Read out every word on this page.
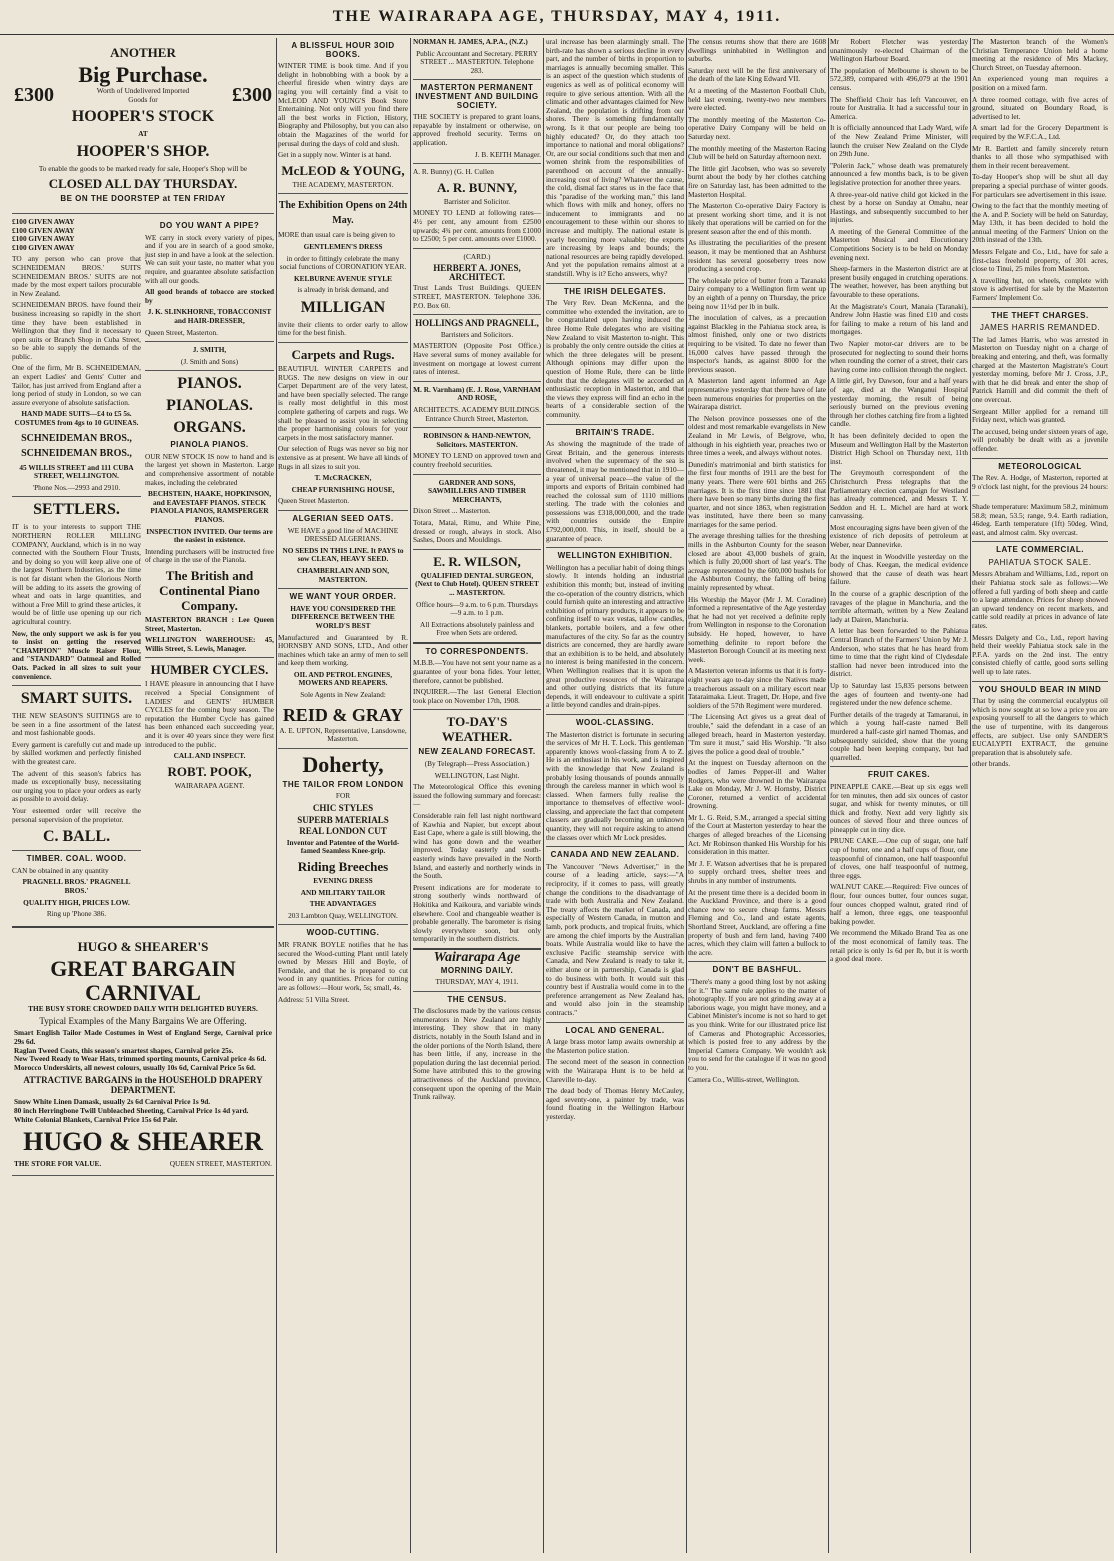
THE WAIRARAPA AGE, THURSDAY, MAY 4, 1911.
ANOTHER
Big Purchase.
£300	Worth of Undelivered Imported Goods for	£300
HOOPER'S STOCK
AT
HOOPER'S SHOP.

To enable the goods to be marked ready for sale, Hooper's Shop will be

CLOSED ALL DAY THURSDAY.
BE ON THE DOORSTEP at TEN FRIDAY

£100 GIVEN AWAY
£100 GIVEN AWAY
£100 GIVEN AWAY
£100 GIVEN AWAY

TO any person who can prove that SCHNEIDEMAN BROS.' SUITS SCHNEIDEMAN BROS.' SUITS are not made by the most expert tailors procurable in New Zealand.

SCHNEIDEMAN BROS. have found their business increasing so rapidly in the short time they have been established in Wellington that they find it necessary to open suits or Branch Shop in Cuba Street, so be able to supply the demands of the public.

One of the firm, Mr B. SCHNEIDEMAN, an expert Ladies' and Gents' Cutter and Tailor, has just arrived from England after a long period of study in London, so we can assure everyone of absolute satisfaction.

HAND MADE SUITS—£4 to £5 5s. COSTUMES from 4gs to 10 GUINEAS.

SCHNEIDEMAN BROS., SCHNEIDEMAN BROS.,

45 WILLIS STREET and 111 CUBA STREET, WELLINGTON.

'Phone Nos.—2993 and 2910.

SETTLERS.

IT is to your interests to support THE NORTHERN ROLLER MILLING COMPANY, Auckland, which is in no way connected with the Southern Flour Trusts, and by doing so you will keep alive one of the largest Northern Industries, as the time is not far distant when the Glorious North will be adding to its assets the growing of wheat and oats in large quantities, and without a Free Mill to grind these articles, it would be of little use opening up our rich agricultural country.

Now, the only support we ask is for you to insist on getting the reserved "CHAMPION" Muscle Raiser Flour, and "STANDARD" Oatmeal and Rolled Oats. Packed in all sizes to suit your convenience.

SMART SUITS.

THE NEW SEASON'S SUITINGS are to be seen in a fine assortment of the latest and most fashionable goods.

Every garment is carefully cut and made up by skilled workmen and perfectly finished with the greatest care.

The advent of this season's fabrics has made us exceptionally busy, necessitating our urging you to place your orders as early as possible to avoid delay.

Your esteemed order will receive the personal supervision of the proprietor.

C. BALL.
TIMBER. COAL. WOOD.

CAN be obtained in any quantity

PRAGNELL BROS.' PRAGNELL BROS.'

QUALITY HIGH, PRICES LOW.

Ring up 'Phone 386.

DO YOU WANT A PIPE?

WE carry in stock every variety of pipes, and if you are in search of a good smoke, just step in and have a look at the selection. We can suit your taste, no matter what you require, and guarantee absolute satisfaction with all our goods.

All good brands of tobacco are stocked by

J. K. SLINKHORNE, TOBACCONIST and HAIR-DRESSER,

Queen Street, Masterton.

J. SMITH,

(J. Smith and Sons)

PIANOS.
PIANOLAS.
ORGANS.
PIANOLA PIANOS.

OUR NEW STOCK IS now to hand and is the largest yet shown in Masterton. Large and comprehensive assortment of notable makes, including the celebrated

BECHSTEIN, HAAKE, HOPKINSON, and EAVESTAFF PIANOS. STECK PIANOLA PIANOS, RAMSPERGER PIANOS.

INSPECTION INVITED. Our terms are the easiest in existence.

Intending purchasers will be instructed free of charge in the use of the Pianola.

The British and Continental Piano Company.

MASTERTON BRANCH : Lee Queen Street, Masterton.

WELLINGTON WAREHOUSE: 45, Willis Street, S. Lewis, Manager.

HUMBER CYCLES.

I HAVE pleasure in announcing that I have received a Special Consignment of LADIES' and GENTS' HUMBER CYCLES for the coming busy season. The reputation the Humber Cycle has gained has been enhanced each succeeding year, and it is over 40 years since they were first introduced to the public.

CALL AND INSPECT.

ROBT. POOK,

WAIRARAPA AGENT.

HUGO & SHEARER'S
GREAT BARGAIN CARNIVAL

THE BUSY STORE CROWDED DAILY WITH DELIGHTED BUYERS.

Typical Examples of the Many Bargains We are Offering.

Smart English Tailor Made Costumes in West of England Serge, Carnival price 29s 6d.
Raglan Tweed Coats, this season's smartest shapes, Carnival price 25s.
New Tweed Ready to Wear Hats, trimmed sporting mounts, Carnival price 4s 6d.
Morocco Underskirts, all newest colours, usually 10s 6d, Carnival Price 5s 6d.

ATTRACTIVE BARGAINS in the HOUSEHOLD DRAPERY DEPARTMENT.

Snow White Linen Damask, usually 2s 6d Carnival Price 1s 9d.
80 inch Herringbone Twill Unbleached Sheeting, Carnival Price 1s 4d yard.
White Colonial Blankets, Carnival Price 15s 6d Pair.

HUGO & SHEARER
THE STORE FOR VALUE.	QUEEN STREET, MASTERTON.
A BLISSFUL HOUR 3OID BOOKS.

WINTER TIME is book time. And if you delight in hobnobbing with a book by a cheerful fireside when wintry days are raging you will certainly find a visit to McLEOD AND YOUNG'S Book Store Entertaining. Not only will you find there all the best works in Fiction, History, Biography and Philosophy, but you can also obtain the Magazines of the world for perusal during the days of cold and slush.

Get in a supply now. Winter is at hand.

McLEOD & YOUNG,

THE ACADEMY, MASTERTON.

The Exhibition Opens on 24th May.

MORE than usual care is being given to

GENTLEMEN'S DRESS

in order to fittingly celebrate the many social functions of CORONATION YEAR.

KELBURNE AVENUE STYLE

is already in brisk demand, and

MILLIGAN

invite their clients to order early to allow time for the best finish.

Carpets and Rugs.

BEAUTIFUL WINTER CARPETS and RUGS. The new designs on view in our Carpet Department are of the very latest, and have been specially selected. The range is really most delightful in this most complete gathering of carpets and rugs. We shall be pleased to assist you in selecting the proper harmonising colours for your carpets in the most satisfactory manner.

Our selection of Rugs was never so big nor extensive as at present. We have all kinds of Rugs in all sizes to suit you.

T. McCRACKEN,

CHEAP FURNISHING HOUSE,

Queen Street Masterton.

ALGERIAN SEED OATS.

WE HAVE a good line of MACHINE DRESSED ALGERIANS.

NO SEEDS IN THIS LINE. It PAYS to sow CLEAN, HEAVY SEED.

CHAMBERLAIN AND SON, MASTERTON.

WE WANT YOUR ORDER.

HAVE YOU CONSIDERED THE DIFFERENCE BETWEEN THE WORLD'S BEST

Manufactured and Guaranteed by R. HORNSBY AND SONS, LTD., And other machines which take an army of men to sell and keep them working.

OIL AND PETROL ENGINES, MOWERS AND REAPERS.

Sole Agents in New Zealand:

REID & GRAY

A. E. UPTON, Representative, Lansdowne, Masterton.

Doherty,
THE TAILOR FROM LONDON

FOR

CHIC STYLES

SUPERB MATERIALS

REAL LONDON CUT

Inventor and Patentee of the World-famed Seamless Knee-grip.

Riding Breeches

EVENING DRESS

AND MILITARY TAILOR

THE ADVANTAGES

203 Lambton Quay, WELLINGTON.

WOOD-CUTTING.

MR FRANK BOYLE notifies that he has secured the Wood-cutting Plant until lately owned by Messrs Hill and Boyle, of Ferndale, and that he is prepared to cut wood in any quantities. Prices for cutting are as follows:—Hour work, 5s; small, 4s.

Address: 51 Villa Street.

NORMAN H. JAMES, A.P.A., (N.Z.)

Public Accountant and Secretary. PERRY STREET ... MASTERTON. Telephone 283.

MASTERTON PERMANENT INVESTMENT AND BUILDING SOCIETY.

THE SOCIETY is prepared to grant loans, repayable by instalment or otherwise, on approved freehold security. Terms on application.

J. B. KEITH Manager.

A. R. Bunny) (G. H. Cullen

A. R. BUNNY,

Barrister and Solicitor.

MONEY TO LEND at following rates—4½ per cent, any amount from £2500 upwards; 4¾ per cent. amounts from £1000 to £2500; 5 per cent. amounts over £1000.

(CARD.)

HERBERT A. JONES, ARCHITECT.

Trust Lands Trust Buildings. QUEEN STREET, MASTERTON. Telephone 336. P.O. Box 60.

HOLLINGS AND PRAGNELL,

Barristers and Solicitors.

MASTERTON (Opposite Post Office.) Have several sums of money available for investment on mortgage at lowest current rates of interest.

M. R. Varnham) (E. J. Rose, VARNHAM AND ROSE,

ARCHITECTS. ACADEMY BUILDINGS. Entrance Church Street, Masterton.

ROBINSON & HAND-NEWTON, Solicitors. MASTERTON.

MONEY TO LEND on approved town and country freehold securities.

GARDNER AND SONS, SAWMILLERS AND TIMBER MERCHANTS,

Dixon Street ... Masterton.

Totara, Matai, Rimu, and White Pine, dressed or rough, always in stock. Also Sashes, Doors and Mouldings.

E. R. WILSON,

QUALIFIED DENTAL SURGEON, (Next to Club Hotel). QUEEN STREET ... MASTERTON.

Office hours—9 a.m. to 6 p.m. Thursdays—9 a.m. to 1 p.m.

All Extractions absolutely painless and Free when Sets are ordered.

TO CORRESPONDENTS.

M.B.B.—You have not sent your name as a guarantee of your bona fides. Your letter, therefore, cannot be published.

INQUIRER.—The last General Election took place on November 17th, 1908.

TO-DAY'S WEATHER.
NEW ZEALAND FORECAST.

(By Telegraph—Press Association.)

WELLINGTON, Last Night.

The Meteorological Office this evening issued the following summary and forecast:—

Considerable rain fell last night northward of Kawhia and Napier, but except about East Cape, where a gale is still blowing, the wind has gone down and the weather improved. Today easterly and south-easterly winds have prevailed in the North Island, and easterly and northerly winds in the South.

Present indications are for moderate to strong southerly winds northward of Hokitika and Kaikoura, and variable winds elsewhere. Cool and changeable weather is probable generally. The barometer is rising slowly everywhere soon, but only temporarily in the southern districts.

Wairarapa Age
MORNING DAILY.

THURSDAY, MAY 4, 1911.

THE CENSUS.

The disclosures made by the various census enumerators in New Zealand are highly interesting. They show that in many districts, notably in the South Island and in the older portions of the North Island, there has been little, if any, increase in the population during the last decennial period. Some have attributed this to the growing attractiveness of the Auckland province, consequent upon the opening of the Main Trunk railway.

ural increase has been alarmingly small. The birth-rate has shown a serious decline in every part, and the number of births in proportion to marriages is annually becoming smaller. This is an aspect of the question which students of eugenics as well as of political economy will require to give serious attention. With all the climatic and other advantages claimed for New Zealand, the population is drifting from our shores. There is something fundamentally wrong. Is it that our people are being too highly educated? Or, do they attach too importance to national and moral obligations? Or, are our social conditions such that men and women shrink from the responsibilities of parenthood on account of the annually-increasing cost of living? Whatever the cause, the cold, dismal fact stares us in the face that this "paradise of the working man," this land which flows with milk and honey, offers no inducement to immigrants and no encouragement to these within our shores to increase and multiply. The national estate is yearly becoming more valuable; the exports are increasing by leaps and bounds; the national resources are being rapidly developed. And yet the population remains almost at a standstill. Why is it? Echo answers, why?

THE IRISH DELEGATES.

The Very Rev. Dean McKenna, and the committee who extended the invitation, are to be congratulated upon having induced the three Home Rule delegates who are visiting New Zealand to visit Masterton to-night. This is probably the only centre outside the cities at which the three delegates will be present. Although opinions may differ upon the question of Home Rule, there can be little doubt that the delegates will be accorded an enthusiastic reception in Masterton, and that the views they express will find an echo in the hearts of a considerable section of the community.

BRITAIN'S TRADE.

As showing the magnitude of the trade of Great Britain, and the generous interests involved when the supremacy of the sea is threatened, it may be mentioned that in 1910—a year of universal peace—the value of the imports and exports of Britain combined had reached the colossal sum of 1110 millions sterling. The trade with the colonies and possessions was £318,000,000, and the trade with countries outside the Empire £792,000,000. This, in itself, should be a guarantee of peace.

WELLINGTON EXHIBITION.

Wellington has a peculiar habit of doing things slowly. It intends holding an industrial exhibition this month; but, instead of inviting the co-operation of the country districts, which could furnish quite an interesting and attractive exhibition of primary products, it appears to be confining itself to wax vestas, tallow candles, blankets, portable boilers, and a few other manufactures of the city. So far as the country districts are concerned, they are hardly aware that an exhibition is to be held, and absolutely no interest is being manifested in the concern. When Wellington realises that it is upon the great productive resources of the Wairarapa and other outlying districts that its future depends, it will endeavour to cultivate a spirit a little beyond candles and drain-pipes.

WOOL-CLASSING.

The Masterton district is fortunate in securing the services of Mr H. T. Lock. This gentleman apparently knows wool-classing from A to Z. He is an enthusiast in his work, and is inspired with the knowledge that New Zealand is probably losing thousands of pounds annually through the careless manner in which wool is classed. When farmers fully realise the importance to themselves of effective wool-classing, and appreciate the fact that competent classers are gradually becoming an unknown quantity, they will not require asking to attend the classes over which Mr Lock presides.

CANADA AND NEW ZEALAND.

The Vancouver "News Advertiser," in the course of a leading article, says:—"A reciprocity, if it comes to pass, will greatly change the conditions to the disadvantage of trade with both Australia and New Zealand. The treaty affects the market of Canada, and especially of Western Canada, in mutton and lamb, pork products, and tropical fruits, which are among the chief imports by the Australian boats. While Australia would like to have the exclusive Pacific steamship service with Canada, and New Zealand is ready to take it, either alone or in partnership, Canada is glad to do business with both. It would suit this country best if Australia would come in to the preference arrangement as New Zealand has, and would also join in the steamship contracts."

LOCAL AND GENERAL.

A large brass motor lamp awaits ownership at the Masterton police station.

The second meet of the season in connection with the Wairarapa Hunt is to be held at Clareville to-day.

The dead body of Thomas Henry McCauley, aged seventy-one, a painter by trade, was found floating in the Wellington Harbour yesterday.

The census returns show that there are 1608 dwellings uninhabited in Wellington and suburbs.

Saturday next will be the first anniversary of the death of the late King Edward VII.

At a meeting of the Masterton Football Club, held last evening, twenty-two new members were elected.

The monthly meeting of the Masterton Co-operative Dairy Company will be held on Saturday next.

The monthly meeting of the Masterton Racing Club will be held on Saturday afternoon next.

The little girl Jacobsen, who was so severely burnt about the body by her clothes catching fire on Saturday last, has been admitted to the Masterton Hospital.

The Masterton Co-operative Dairy Factory is at present working short time, and it is not likely that operations will be carried on for the present season after the end of this month.

As illustrating the peculiarities of the present season, it may be mentioned that an Ashhurst resident has several gooseberry trees now producing a second crop.

The wholesale price of butter from a Taranaki Dairy company to a Wellington firm went up by an eighth of a penny on Thursday, the price being now 11½d per lb in bulk.

The inoculation of calves, as a precaution against Blackleg in the Pahiatua stock area, is almost finished, only one or two districts requiring to be visited. To date no fewer than 16,000 calves have passed through the inspector's hands, as against 8000 for the previous season.

A Masterton land agent informed an Age representative yesterday that there have of late been numerous enquiries for properties on the Wairarapa district.

The Nelson province possesses one of the oldest and most remarkable evangelists in New Zealand in Mr Lewis, of Belgrove, who, although in his eightieth year, preaches two or three times a week, and always without notes.

Dunedin's matrimonial and birth statistics for the first four months of 1911 are the best for many years. There were 601 births and 265 marriages. It is the first time since 1881 that there have been so many births during the first quarter, and not since 1863, when registration was instituted, have there been so many marriages for the same period.

The average threshing tallies for the threshing mills in the Ashburton County for the season closed are about 43,000 bushels of grain, which is fully 20,000 short of last year's. The acreage represented by the 600,000 bushels for the Ashburton County, the falling off being mainly represented by wheat.

His Worship the Mayor (Mr J. M. Coradine) informed a representative of the Age yesterday that he had not yet received a definite reply from Wellington in response to the Coronation subsidy. He hoped, however, to have something definite to report before the Masterton Borough Council at its meeting next week.

A Masterton veteran informs us that it is forty-eight years ago to-day since the Natives made a treacherous assault on a military escort near Tataraimaka. Lieut. Tragett, Dr. Hope, and five soldiers of the 57th Regiment were murdered.

"The Licensing Act gives us a great deal of trouble," said the defendant in a case of an alleged breach, heard in Masterton yesterday. "I'm sure it must," said His Worship. "It also gives the police a good deal of trouble."

At the inquest on Tuesday afternoon on the bodies of James Pepper-ill and Walter Rodgers, who were drowned in the Wairarapa Lake on Monday, Mr J. W. Hornsby, District Coroner, returned a verdict of accidental drowning.

Mr L. G. Reid, S.M., arranged a special sitting of the Court at Masterton yesterday to hear the charges of alleged breaches of the Licensing Act. Mr Robinson thanked His Worship for his consideration in this matter.

Mr J. F. Watson advertises that he is prepared to supply orchard trees, shelter trees and shrubs in any number of instruments.

At the present time there is a decided boom in the Auckland Province, and there is a good chance now to secure cheap farms. Messrs Fleming and Co., land and estate agents, Shortland Street, Auckland, are offering a fine property of bush and fern land, having 7400 acres, which they claim will fatten a bullock to the acre.

DON'T BE BASHFUL.

"There's many a good thing lost by not asking for it." The same rule applies to the matter of photography. If you are not grinding away at a laborious wage, you might have money, and a Cabinet Minister's income is not so hard to get as you think. Write for our illustrated price list of Cameras and Photographic Accessories, which is posted free to any address by the Imperial Camera Company. We wouldn't ask you to send for the catalogue if it was no good to you.

Camera Co., Willis-street, Wellington.

Mr Robert Fletcher was yesterday unanimously re-elected Chairman of the Wellington Harbour Board.

The population of Melbourne is shown to be 572,389, compared with 496,079 at the 1901 census.

The Sheffield Choir has left Vancouver, en route for Australia. It had a successful tour in America.

It is officially announced that Lady Ward, wife of the New Zealand Prime Minister, will launch the cruiser New Zealand on the Clyde on 29th June.

"Polerin Jack," whose death was prematurely announced a few months back, is to be given legislative protection for another three years.

A three-year-old native child got kicked in the chest by a horse on Sunday at Omahu, near Hastings, and subsequently succumbed to her injuries.

A meeting of the General Committee of the Masterton Musical and Elocutionary Competitions Society is to be held on Monday evening next.

Sheep-farmers in the Masterton district are at present busily engaged in crutching operations. The weather, however, has been anything but favourable to these operations.

At the Magistrate's Court, Manaia (Taranaki), Andrew John Hastie was fined £10 and costs for failing to make a return of his land and mortgages.

Two Napier motor-car drivers are to be prosecuted for neglecting to sound their horns when rounding the corner of a street, their cars having come into collision through the neglect.

A little girl, Ivy Dawson, four and a half years of age, died at the Wanganui Hospital yesterday morning, the result of being seriously burned on the previous evening through her clothes catching fire from a lighted candle.

It has been definitely decided to open the Museum and Wellington Hall by the Masterton District High School on Thursday next, 11th inst.

The Greymouth correspondent of the Christchurch Press telegraphs that the Parliamentary election campaign for Westland has already commenced, and Messrs T. Y. Seddon and H. L. Michel are hard at work canvassing.

Most encouraging signs have been given of the existence of rich deposits of petroleum at Weber, near Dannevirke.

At the inquest in Woodville yesterday on the body of Chas. Keegan, the medical evidence showed that the cause of death was heart failure.

In the course of a graphic description of the ravages of the plague in Manchuria, and the terrible aftermath, written by a New Zealand lady at Dairen, Manchuria.

A letter has been forwarded to the Pahiatua Central Branch of the Farmers' Union by Mr J. Anderson, who states that he has heard from time to time that the right kind of Clydesdale stallion had never been introduced into the district.

Up to Saturday last 15,835 persons between the ages of fourteen and twenty-one had registered under the new defence scheme.

Further details of the tragedy at Tamaranui, in which a young half-caste named Bell murdered a half-caste girl named Thomas, and subsequently suicided, show that the young couple had been keeping company, but had quarrelled.

FRUIT CAKES.

PINEAPPLE CAKE.—Beat up six eggs well for ten minutes, then add six ounces of castor sugar, and whisk for twenty minutes, or till thick and frothy. Next add very lightly six ounces of sieved flour and three ounces of pineapple cut in tiny dice.

PRUNE CAKE.—One cup of sugar, one half cup of butter, one and a half cups of flour, one teaspoonful of cinnamon, one half teaspoonful of cloves, one half teaspoonful of nutmeg, three eggs.

WALNUT CAKE.—Required: Five ounces of flour, four ounces butter, four ounces sugar, four ounces chopped walnut, grated rind of half a lemon, three eggs, one teaspoonful baking powder.

We recommend the Mikado Brand Tea as one of the most economical of family teas. The retail price is only 1s 6d per lb, but it is worth a good deal more.

The Masterton branch of the Women's Christian Temperance Union held a home meeting at the residence of Mrs Mackey, Church Street, on Tuesday afternoon.

An experienced young man requires a position on a mixed farm.

A three roomed cottage, with five acres of ground, situated on Boundary Road, is advertised to let.

A smart lad for the Grocery Department is required by the W.F.C.A., Ltd.

Mr R. Bartlett and family sincerely return thanks to all those who sympathised with them in their recent bereavement.

To-day Hooper's shop will be shut all day preparing a special purchase of winter goods. For particulars see advertisement in this issue.

Owing to the fact that the monthly meeting of the A. and P. Society will be held on Saturday, May 13th, it has been decided to hold the annual meeting of the Farmers' Union on the 20th instead of the 13th.

Messrs Felgate and Co., Ltd., have for sale a first-class freehold property, of 301 acres, close to Tinui, 25 miles from Masterton.

A travelling hut, on wheels, complete with stove is advertised for sale by the Masterton Farmers' Implement Co.

THE THEFT CHARGES.
JAMES HARRIS REMANDED.

The lad James Harris, who was arrested in Masterton on Tuesday night on a charge of breaking and entering, and theft, was formally charged at the Masterton Magistrate's Court yesterday morning, before Mr J. Cross, J.P., with that he did break and enter the shop of Patrick Hamill and did commit the theft of one overcoat.

Sergeant Miller applied for a remand till Friday next, which was granted.

The accused, being under sixteen years of age, will probably be dealt with as a juvenile offender.

METEOROLOGICAL

The Rev. A. Hodge, of Masterton, reported at 9 o'clock last night, for the previous 24 hours:—

Shade temperature: Maximum 58.2, minimum 58.8; mean, 53.5; range, 9.4. Earth radiation, 46deg. Earth temperature (1ft) 50deg. Wind, east, and almost calm. Sky overcast.

LATE COMMERCIAL.
PAHIATUA STOCK SALE.

Messrs Abraham and Williams, Ltd., report on their Pahiatua stock sale as follows:—We offered a full yarding of both sheep and cattle to a large attendance. Prices for sheep showed an upward tendency on recent markets, and cattle sold readily at prices in advance of late rates.

Messrs Dalgety and Co., Ltd., report having held their weekly Pahiatua stock sale in the P.F.A. yards on the 2nd inst. The entry consisted chiefly of cattle, good sorts selling well up to late rates.

YOU SHOULD BEAR IN MIND

That by using the commercial eucalyptus oil which is now sought at so low a price you are exposing yourself to all the dangers to which the use of turpentine, with its dangerous effects, are subject. Use only SANDER'S EUCALYPTI EXTRACT, the genuine preparation that is absolutely safe.

other brands.
